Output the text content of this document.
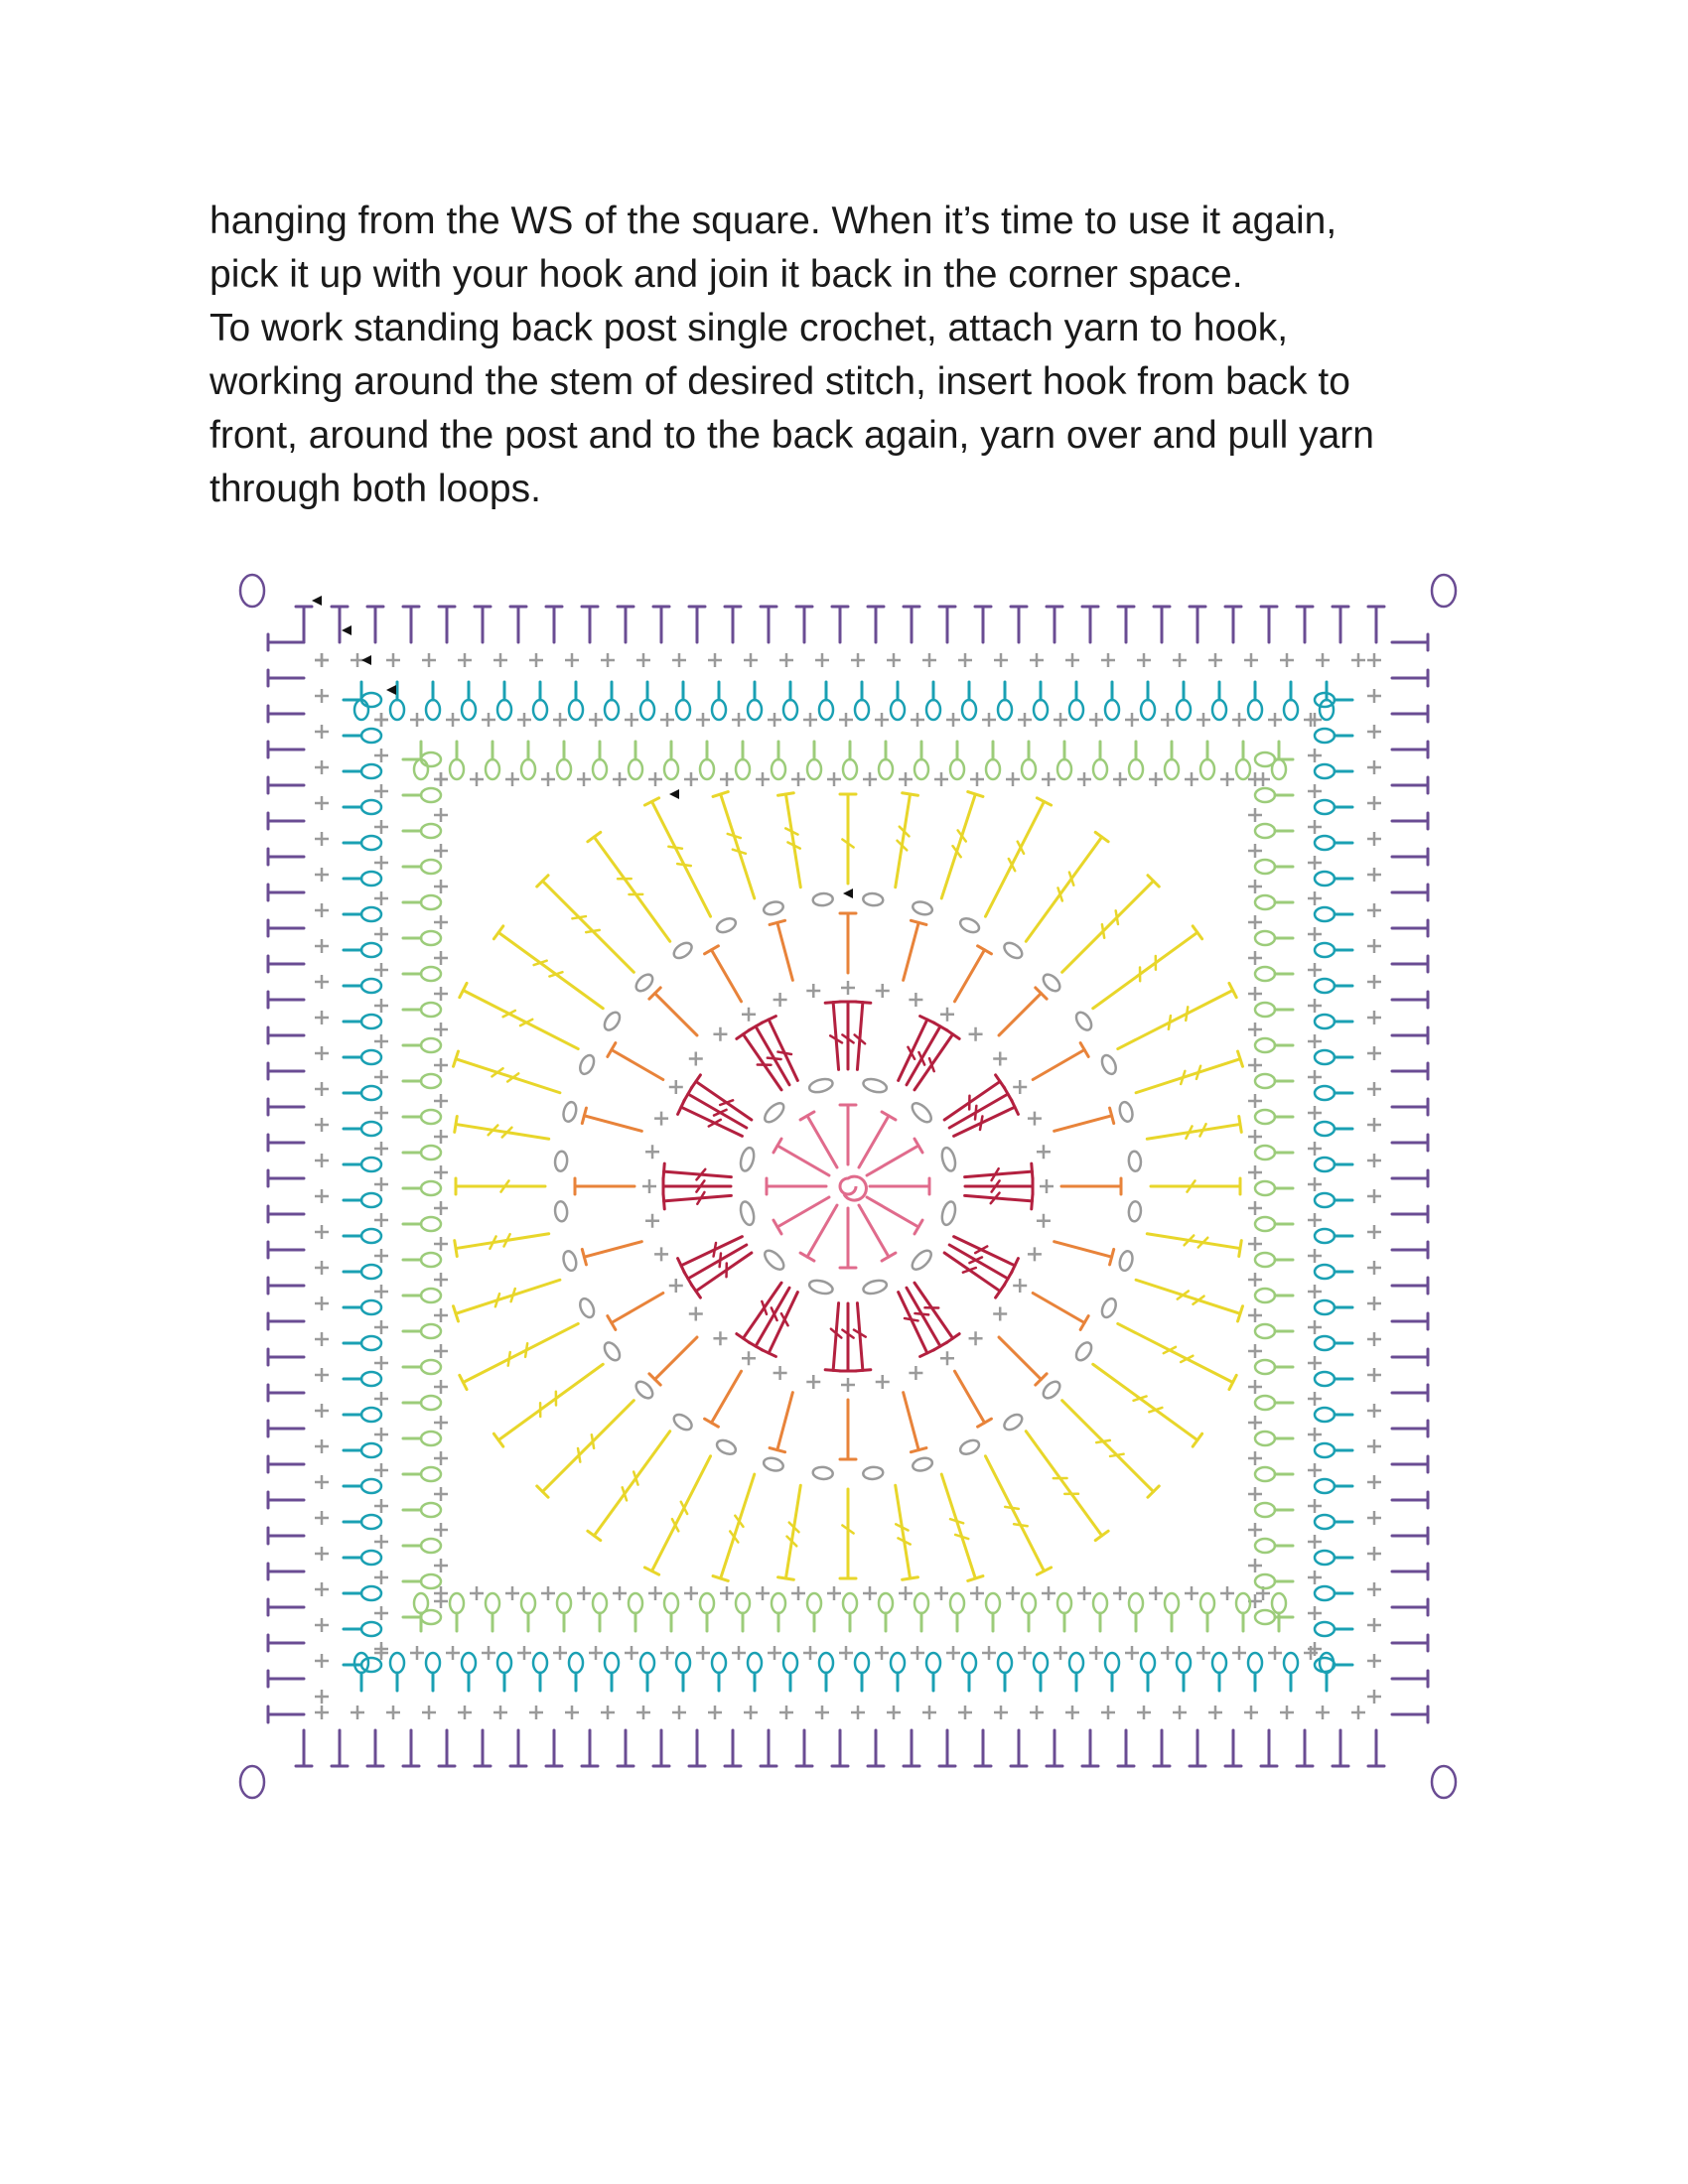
hanging from the WS of the square. When it’s time to use it again,
pick it up with your hook and join it back in the corner space.

To work standing back post single crochet, attach yarn to hook,
working around the stem of desired stitch, insert hook from back to
front, around the post and to the back again, yarn over and pull yarn
through both loops.
